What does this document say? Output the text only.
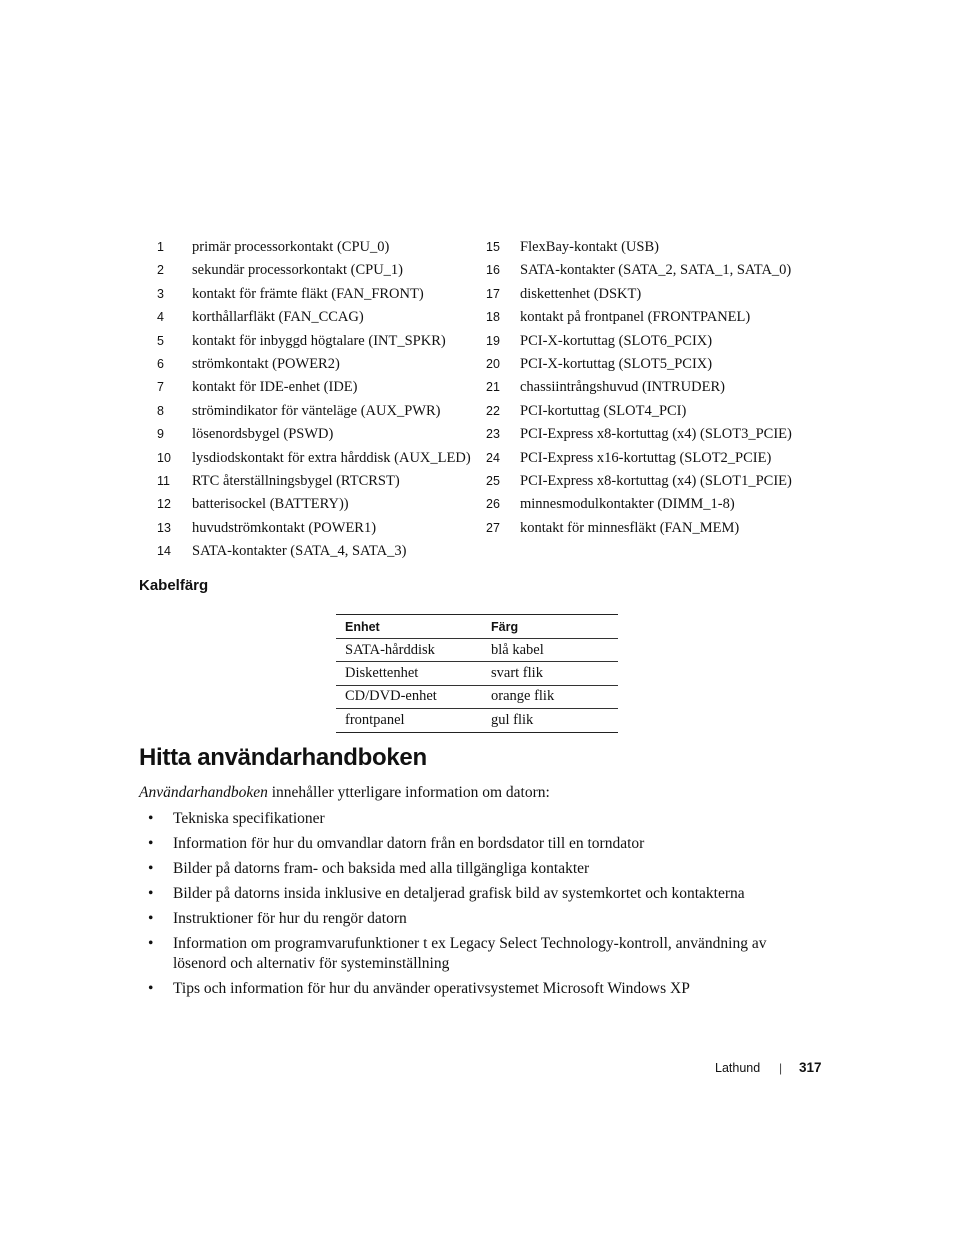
1 primär processorkontakt (CPU_0)
2 sekundär processorkontakt (CPU_1)
3 kontakt för främte fläkt (FAN_FRONT)
4 korthållarfläkt (FAN_CCAG)
5 kontakt för inbyggd högtalare (INT_SPKR)
6 strömkontakt (POWER2)
7 kontakt för IDE-enhet (IDE)
8 strömindikator för vänteläge (AUX_PWR)
9 lösenordsbygel (PSWD)
10 lysdiodskontakt för extra hårddisk (AUX_LED)
11 RTC återställningsbygel (RTCRST)
12 batterisockel (BATTERY))
13 huvudströmkontakt (POWER1)
14 SATA-kontakter (SATA_4, SATA_3)
15 FlexBay-kontakt (USB)
16 SATA-kontakter (SATA_2, SATA_1, SATA_0)
17 diskettenhet (DSKT)
18 kontakt på frontpanel (FRONTPANEL)
19 PCI-X-kortuttag (SLOT6_PCIX)
20 PCI-X-kortuttag (SLOT5_PCIX)
21 chassiintrångshuvud (INTRUDER)
22 PCI-kortuttag (SLOT4_PCI)
23 PCI-Express x8-kortuttag (x4) (SLOT3_PCIE)
24 PCI-Express x16-kortuttag (SLOT2_PCIE)
25 PCI-Express x8-kortuttag (x4) (SLOT1_PCIE)
26 minnesmodulkontakter (DIMM_1-8)
27 kontakt för minnesfläkt (FAN_MEM)
Kabelfärg
Enhet	Färg
SATA-hårddisk	blå kabel
Diskettenhet	svart flik
CD/DVD-enhet	orange flik
frontpanel	gul flik
Hitta användarhandboken

Användarhandboken innehåller ytterligare information om datorn:

• Tekniska specifikationer
• Information för hur du omvandlar datorn från en bordsdator till en torndator
• Bilder på datorns fram- och baksida med alla tillgängliga kontakter
• Bilder på datorns insida inklusive en detaljerad grafisk bild av systemkortet och kontakterna
• Instruktioner för hur du rengör datorn
• Information om programvarufunktioner t ex Legacy Select Technology-kontroll, användning av lösenord och alternativ för systeminställning
• Tips och information för hur du använder operativsystemet Microsoft Windows XP
Lathund | 317
